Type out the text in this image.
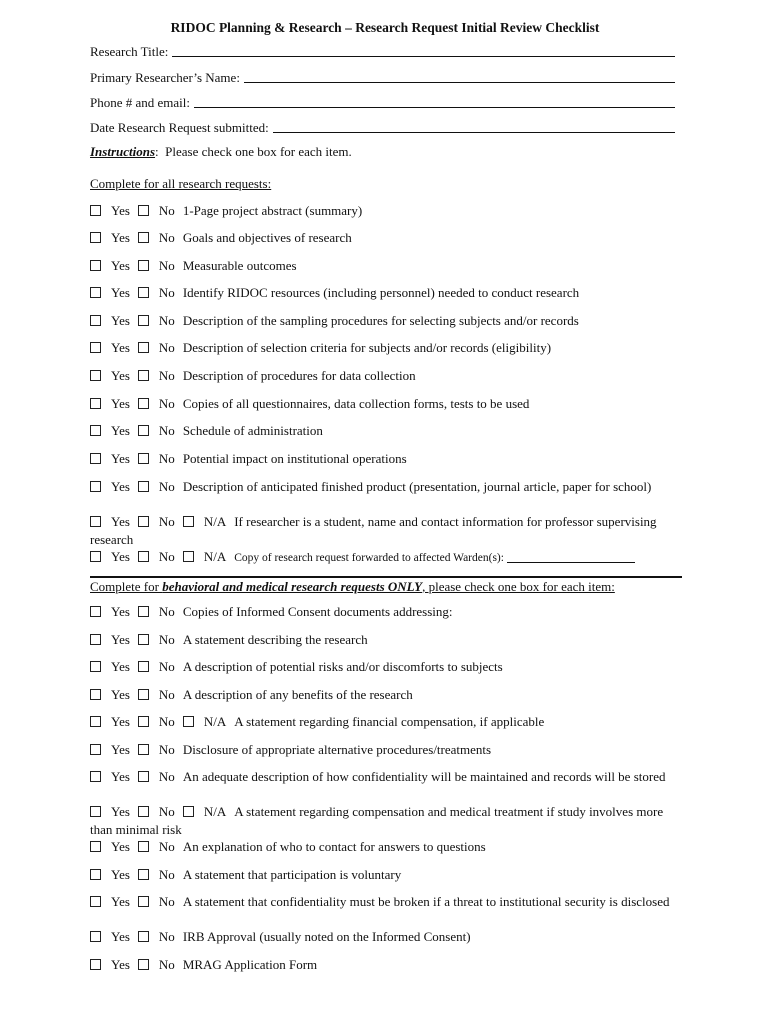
RIDOC Planning & Research – Research Request Initial Review Checklist
Research Title:
Primary Researcher’s Name:
Phone # and email:
Date Research Request submitted:
Instructions:  Please check one box for each item.
Complete for all research requests:
Yes No 1-Page project abstract (summary)
Yes No Goals and objectives of research
Yes No Measurable outcomes
Yes No Identify RIDOC resources (including personnel) needed to conduct research
Yes No Description of the sampling procedures for selecting subjects and/or records
Yes No Description of selection criteria for subjects and/or records (eligibility)
Yes No Description of procedures for data collection
Yes No Copies of all questionnaires, data collection forms, tests to be used
Yes No Schedule of administration
Yes No Potential impact on institutional operations
Yes No Description of anticipated finished product (presentation, journal article, paper for school)
Yes No N/A If researcher is a student, name and contact information for professor supervising research
Yes No N/A Copy of research request forwarded to affected Warden(s):
Complete for behavioral and medical research requests ONLY, please check one box for each item:
Yes No Copies of Informed Consent documents addressing:
Yes No A statement describing the research
Yes No A description of potential risks and/or discomforts to subjects
Yes No A description of any benefits of the research
Yes No N/A A statement regarding financial compensation, if applicable
Yes No Disclosure of appropriate alternative procedures/treatments
Yes No An adequate description of how confidentiality will be maintained and records will be stored
Yes No N/A A statement regarding compensation and medical treatment if study involves more than minimal risk
Yes No An explanation of who to contact for answers to questions
Yes No A statement that participation is voluntary
Yes No A statement that confidentiality must be broken if a threat to institutional security is disclosed
Yes No IRB Approval (usually noted on the Informed Consent)
Yes No MRAG Application Form
